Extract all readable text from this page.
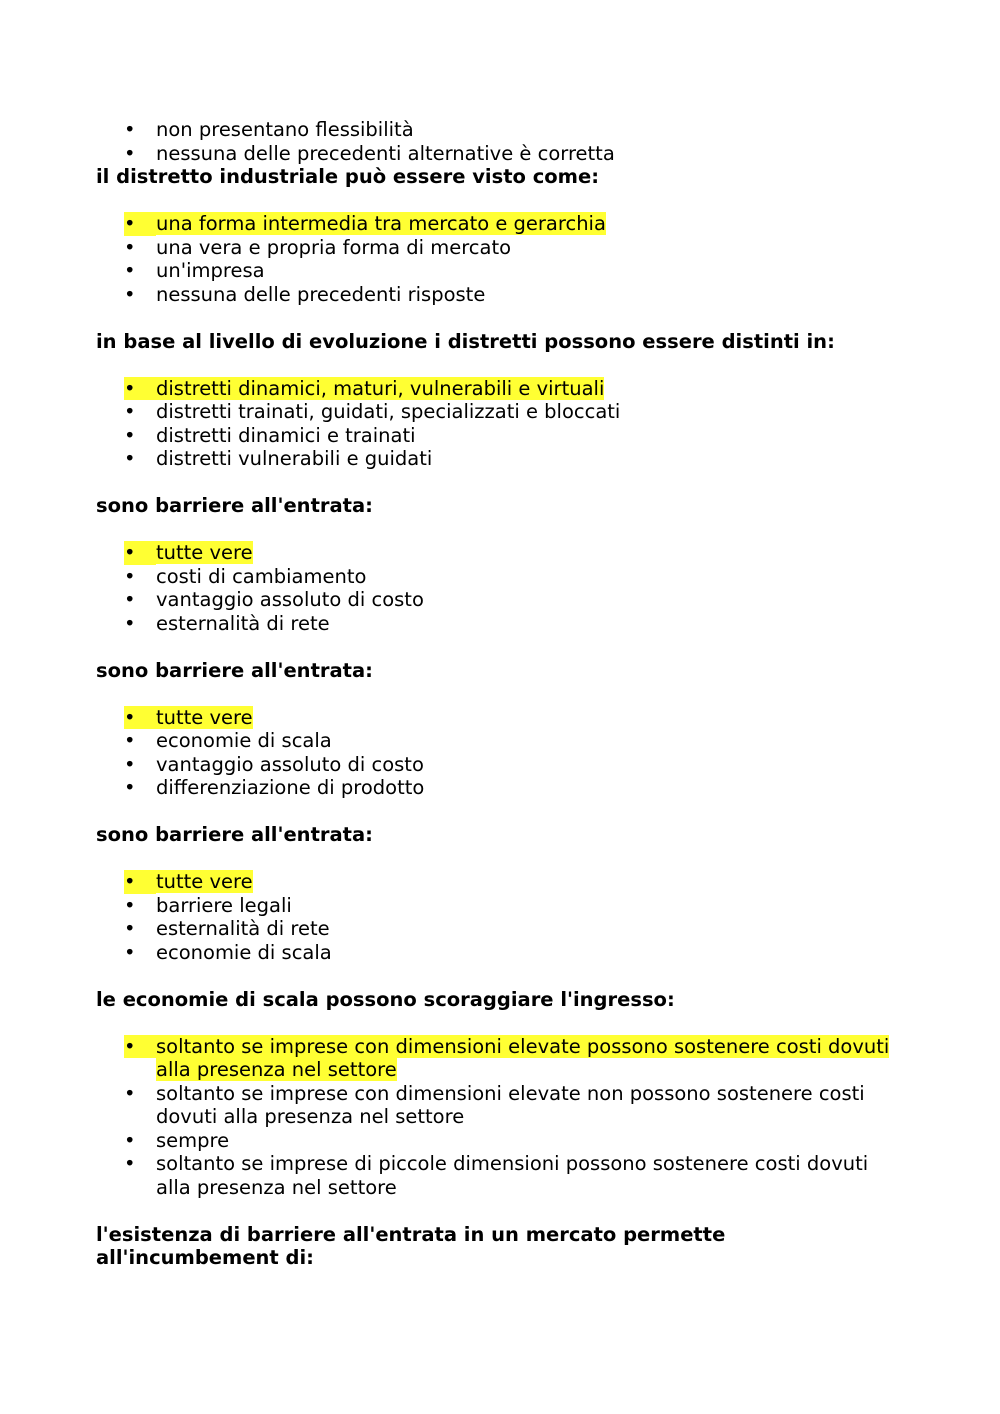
•	non presentano flessibilità
•	nessuna delle precedenti alternative è corretta
il distretto industriale può essere visto come:
•	una forma intermedia tra mercato e gerarchia
•	una vera e propria forma di mercato
•	un'impresa
•	nessuna delle precedenti risposte
in base al livello di evoluzione i distretti possono essere distinti in:
•	distretti dinamici, maturi, vulnerabili e virtuali
•	distretti trainati, guidati, specializzati e bloccati
•	distretti dinamici e trainati
•	distretti vulnerabili e guidati
sono barriere all'entrata:
•	tutte vere
•	costi di cambiamento
•	vantaggio assoluto di costo
•	esternalità di rete
sono barriere all'entrata:
•	tutte vere
•	economie di scala
•	vantaggio assoluto di costo
•	differenziazione di prodotto
sono barriere all'entrata:
•	tutte vere
•	barriere legali
•	esternalità di rete
•	economie di scala
le economie di scala possono scoraggiare l'ingresso:
•	soltanto se imprese con dimensioni elevate possono sostenere costi dovuti alla presenza nel settore
•	soltanto se imprese con dimensioni elevate non possono sostenere costi dovuti alla presenza nel settore
•	sempre
•	soltanto se imprese di piccole dimensioni possono sostenere costi dovuti alla presenza nel settore
l'esistenza di barriere all'entrata in un mercato permette all'incumbement di:
